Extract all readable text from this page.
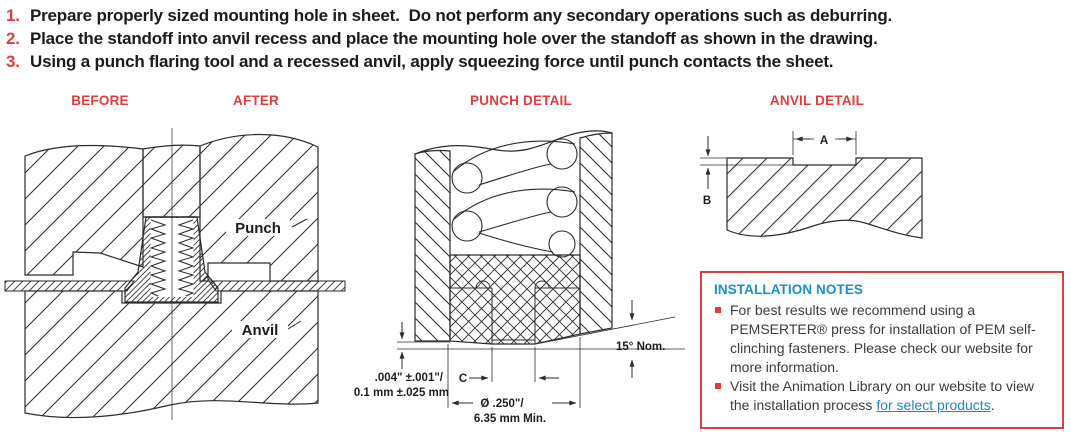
1. Prepare properly sized mounting hole in sheet.  Do not perform any secondary operations such as deburring.
2. Place the standoff into anvil recess and place the mounting hole over the standoff as shown in the drawing.
3. Using a punch flaring tool and a recessed anvil, apply squeezing force until punch contacts the sheet.
BEFORE	AFTER	PUNCH DETAIL	ANVIL DETAIL
Punch
Anvil
.004" ±.001"/
0.1 mm ±.025 mm
C
Ø .250"/
6.35 mm Min.
15° Nom.
A
B
INSTALLATION NOTES
For best results we recommend using a PEMSERTER® press for installation of PEM self-clinching fasteners. Please check our website for more information.
Visit the Animation Library on our website to view the installation process for select products.
